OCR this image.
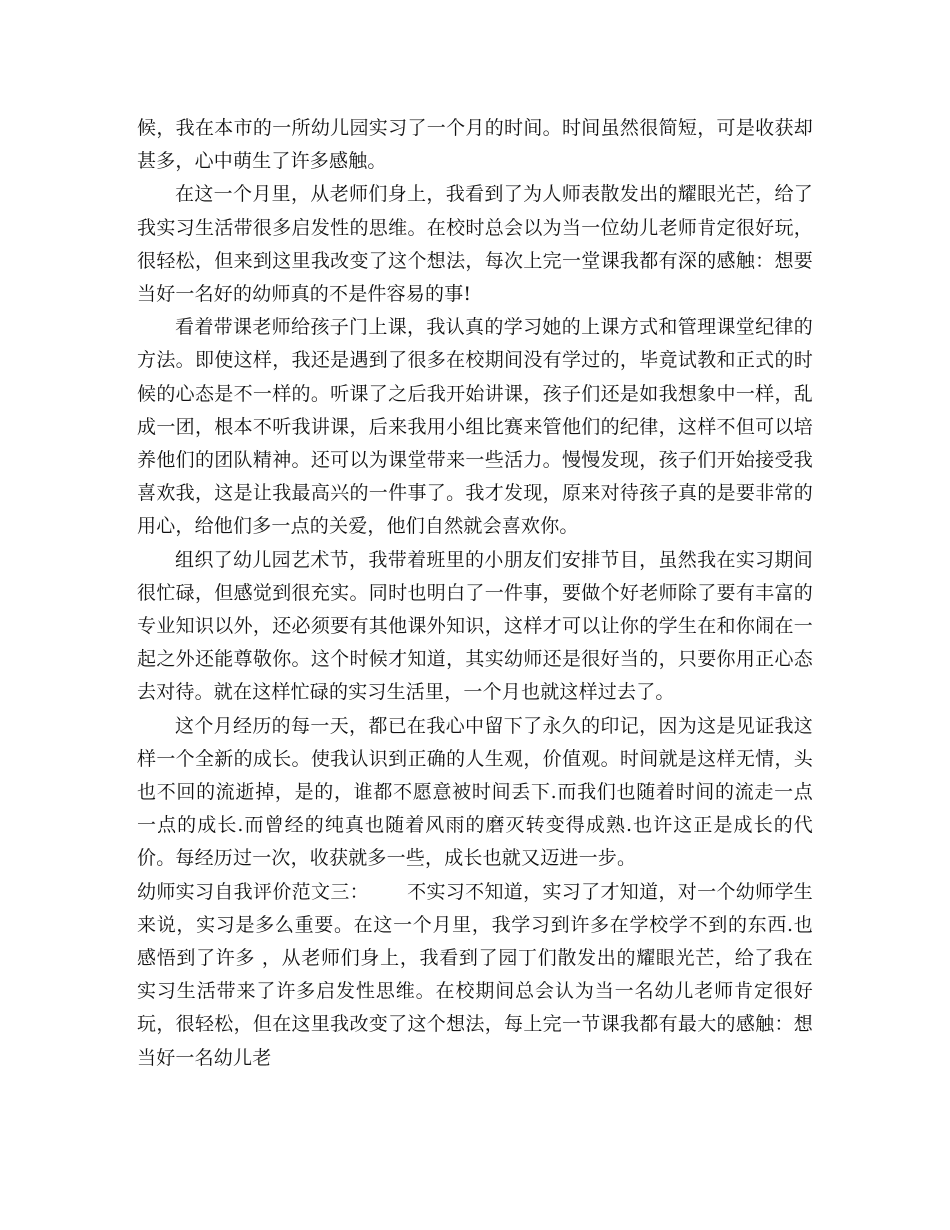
候，我在本市的一所幼儿园实习了一个月的时间。时间虽然很简短，可是收获却甚多，心中萌生了许多感触。

在这一个月里，从老师们身上，我看到了为人师表散发出的耀眼光芒，给了我实习生活带很多启发性的思维。在校时总会以为当一位幼儿老师肯定很好玩，很轻松，但来到这里我改变了这个想法，每次上完一堂课我都有深的感触：想要当好一名好的幼师真的不是件容易的事!

看着带课老师给孩子门上课，我认真的学习她的上课方式和管理课堂纪律的方法。即使这样，我还是遇到了很多在校期间没有学过的，毕竟试教和正式的时候的心态是不一样的。听课了之后我开始讲课，孩子们还是如我想象中一样，乱成一团，根本不听我讲课，后来我用小组比赛来管他们的纪律，这样不但可以培养他们的团队精神。还可以为课堂带来一些活力。慢慢发现，孩子们开始接受我喜欢我，这是让我最高兴的一件事了。我才发现，原来对待孩子真的是要非常的用心，给他们多一点的关爱，他们自然就会喜欢你。

组织了幼儿园艺术节，我带着班里的小朋友们安排节目，虽然我在实习期间很忙碌，但感觉到很充实。同时也明白了一件事，要做个好老师除了要有丰富的专业知识以外，还必须要有其他课外知识，这样才可以让你的学生在和你闹在一起之外还能尊敬你。这个时候才知道，其实幼师还是很好当的，只要你用正心态去对待。就在这样忙碌的实习生活里，一个月也就这样过去了。

这个月经历的每一天，都已在我心中留下了永久的印记，因为这是见证我这样一个全新的成长。使我认识到正确的人生观，价值观。时间就是这样无情，头也不回的流逝掉，是的，谁都不愿意被时间丢下.而我们也随着时间的流走一点一点的成长.而曾经的纯真也随着风雨的磨灭转变得成熟.也许这正是成长的代价。每经历过一次，收获就多一些，成长也就又迈进一步。

幼师实习自我评价范文三： 不实习不知道，实习了才知道，对一个幼师学生来说，实习是多么重要。在这一个月里，我学习到许多在学校学不到的东西.也感悟到了许多 ，从老师们身上，我看到了园丁们散发出的耀眼光芒，给了我在实习生活带来了许多启发性思维。在校期间总会认为当一名幼儿老师肯定很好玩，很轻松，但在这里我改变了这个想法，每上完一节课我都有最大的感触：想当好一名幼儿老
